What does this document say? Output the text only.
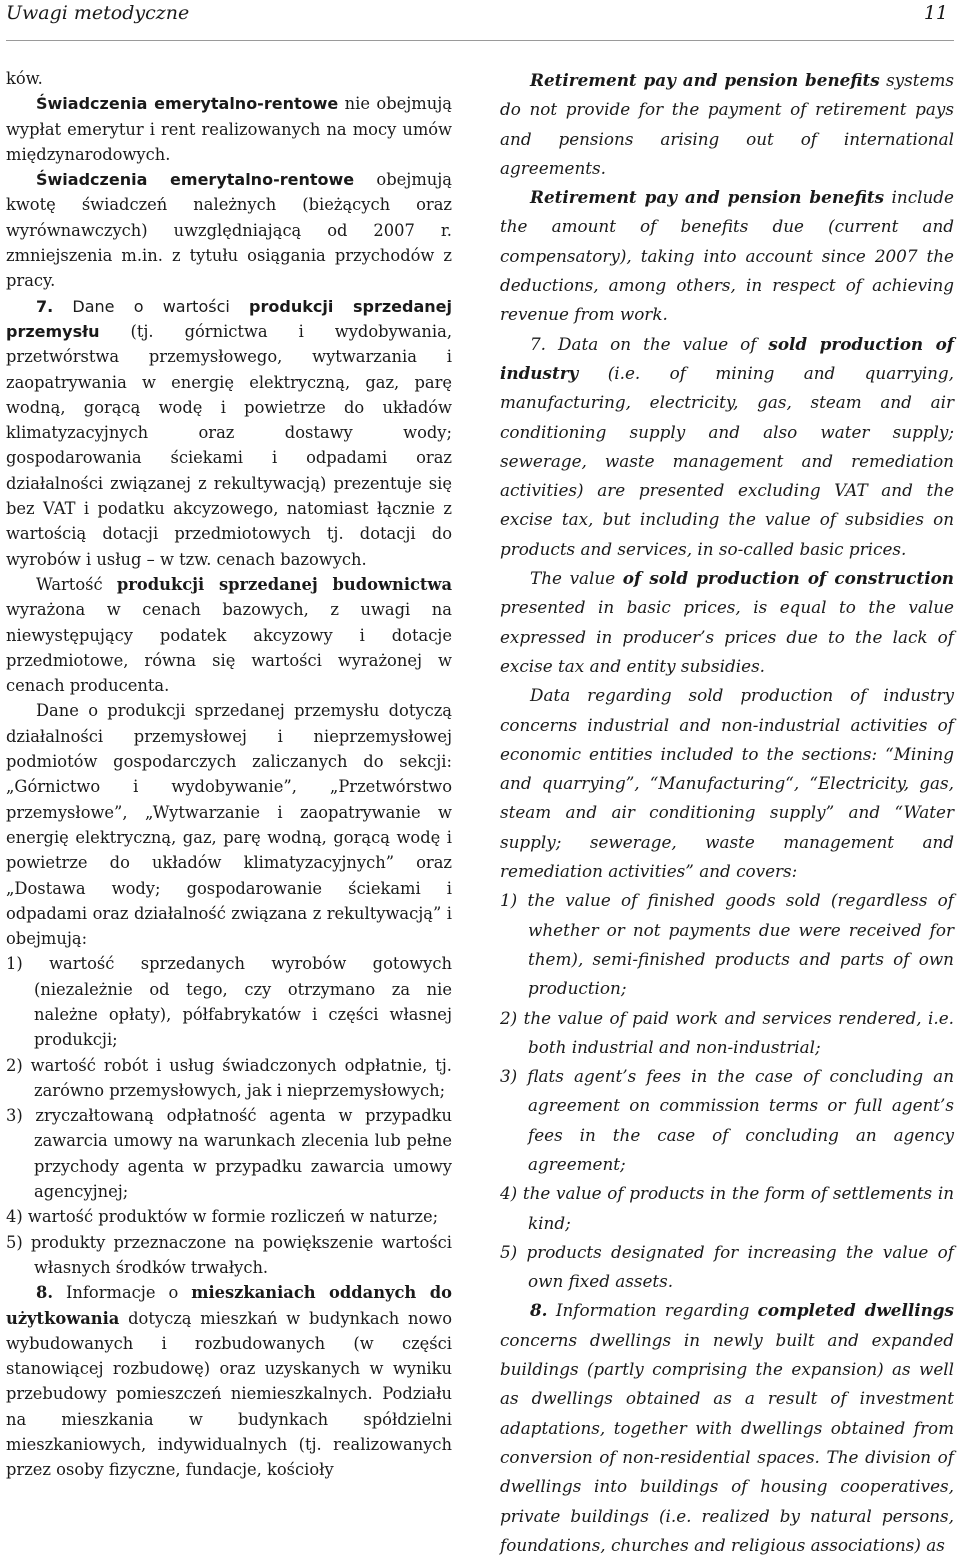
Uwagi metodyczne	11

ków.

Świadczenia emerytalno-rentowe nie obejmują wypłat emerytur i rent realizowanych na mocy umów międzynarodowych.

Świadczenia emerytalno-rentowe obejmują kwotę świadczeń należnych (bieżących oraz wyrównawczych) uwzględniającą od 2007 r. zmniejszenia m.in. z tytułu osiągania przychodów z pracy.

7. Dane o wartości produkcji sprzedanej przemysłu (tj. górnictwa i wydobywania, przetwórstwa przemysłowego, wytwarzania i zaopatrywania w energię elektryczną, gaz, parę wodną, gorącą wodę i powietrze do układów klimatyzacyjnych oraz dostawy wody; gospodarowania ściekami i odpadami oraz działalności związanej z rekultywacją) prezentuje się bez VAT i podatku akcyzowego, natomiast łącznie z wartością dotacji przedmiotowych tj. dotacji do wyrobów i usług – w tzw. cenach bazowych.

Wartość produkcji sprzedanej budownictwa wyrażona w cenach bazowych, z uwagi na niewystępujący podatek akcyzowy i dotacje przedmiotowe, równa się wartości wyrażonej w cenach producenta.

Dane o produkcji sprzedanej przemysłu dotyczą działalności przemysłowej i nieprzemysłowej podmiotów gospodarczych zaliczanych do sekcji: „Górnictwo i wydobywanie”, „Przetwórstwo przemysłowe”, „Wytwarzanie i zaopatrywanie w energię elektryczną, gaz, parę wodną, gorącą wodę i powietrze do układów klimatyzacyjnych” oraz „Dostawa wody; gospodarowanie ściekami i odpadami oraz działalność związana z rekultywacją” i obejmują:

1) wartość sprzedanych wyrobów gotowych (niezależnie od tego, czy otrzymano za nie należne opłaty), półfabrykatów i części własnej produkcji;
2) wartość robót i usług świadczonych odpłatnie, tj. zarówno przemysłowych, jak i nieprzemysłowych;
3) zryczałtowaną odpłatność agenta w przypadku zawarcia umowy na warunkach zlecenia lub pełne przychody agenta w przypadku zawarcia umowy agencyjnej;
4) wartość produktów w formie rozliczeń w naturze;
5) produkty przeznaczone na powiększenie wartości własnych środków trwałych.

8. Informacje o mieszkaniach oddanych do użytkowania dotyczą mieszkań w budynkach nowo wybudowanych i rozbudowanych (w części stanowiącej rozbudowę) oraz uzyskanych w wyniku przebudowy pomieszczeń niemieszkalnych. Podziału na mieszkania w budynkach spółdzielni mieszkaniowych, indywidualnych (tj. realizowanych przez osoby fizyczne, fundacje, kościoły

Retirement pay and pension benefits systems do not provide for the payment of retirement pays and pensions arising out of international agreements.

Retirement pay and pension benefits include the amount of benefits due (current and compensatory), taking into account since 2007 the deductions, among others, in respect of achieving revenue from work.

7. Data on the value of sold production of industry (i.e. of mining and quarrying, manufacturing, electricity, gas, steam and air conditioning supply and also water supply; sewerage, waste management and remediation activities) are presented excluding VAT and the excise tax, but including the value of subsidies on products and services, in so-called basic prices.

The value of sold production of construction presented in basic prices, is equal to the value expressed in producer’s prices due to the lack of excise tax and entity subsidies.

Data regarding sold production of industry concerns industrial and non-industrial activities of economic entities included to the sections: “Mining and quarrying”, “Manufacturing“, “Electricity, gas, steam and air conditioning supply” and “Water supply; sewerage, waste management and remediation activities” and covers:

1) the value of finished goods sold (regardless of whether or not payments due were received for them), semi-finished products and parts of own production;
2) the value of paid work and services rendered, i.e. both industrial and non-industrial;
3) flats agent’s fees in the case of concluding an agreement on commission terms or full agent’s fees in the case of concluding an agency agreement;
4) the value of products in the form of settlements in kind;
5) products designated for increasing the value of own fixed assets.

8. Information regarding completed dwellings concerns dwellings in newly built and expanded buildings (partly comprising the expansion) as well as dwellings obtained as a result of investment adaptations, together with dwellings obtained from conversion of non-residential spaces. The division of dwellings into buildings of housing cooperatives, private buildings (i.e. realized by natural persons, foundations, churches and religious associations) as
